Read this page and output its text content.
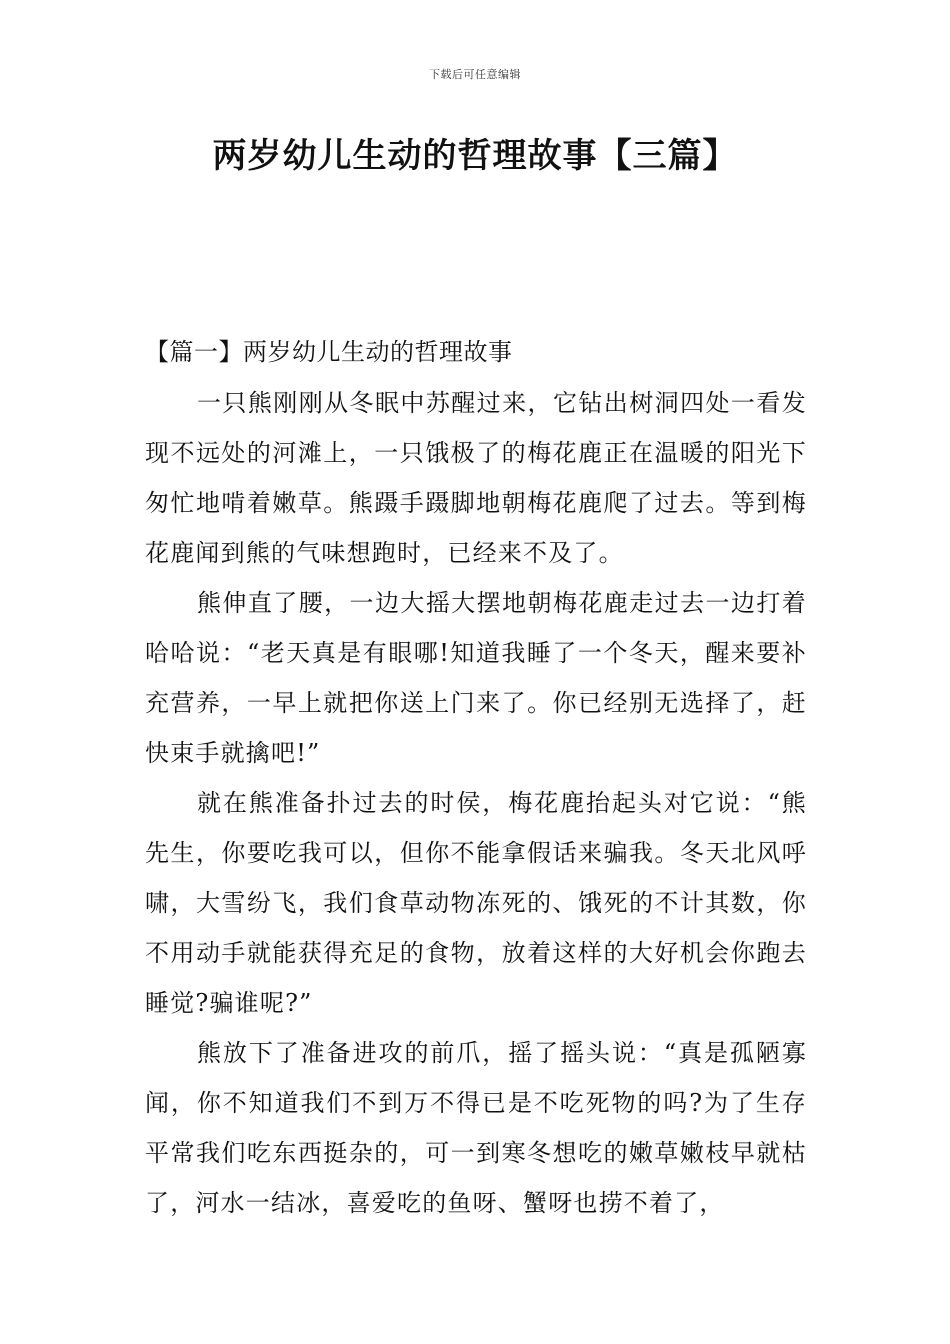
下载后可任意编辑
两岁幼儿生动的哲理故事【三篇】
【篇一】两岁幼儿生动的哲理故事

一只熊刚刚从冬眠中苏醒过来，它钻出树洞四处一看发现不远处的河滩上，一只饿极了的梅花鹿正在温暖的阳光下匆忙地啃着嫩草。熊蹑手蹑脚地朝梅花鹿爬了过去。等到梅花鹿闻到熊的气味想跑时，已经来不及了。

熊伸直了腰，一边大摇大摆地朝梅花鹿走过去一边打着哈哈说：“老天真是有眼哪!知道我睡了一个冬天，醒来要补充营养，一早上就把你送上门来了。你已经别无选择了，赶快束手就擒吧!”

就在熊准备扑过去的时侯，梅花鹿抬起头对它说：“熊先生，你要吃我可以，但你不能拿假话来骗我。冬天北风呼啸，大雪纷飞，我们食草动物冻死的、饿死的不计其数，你不用动手就能获得充足的食物，放着这样的大好机会你跑去睡觉?骗谁呢?”

熊放下了准备进攻的前爪，摇了摇头说：“真是孤陋寡闻，你不知道我们不到万不得已是不吃死物的吗?为了生存平常我们吃东西挺杂的，可一到寒冬想吃的嫩草嫩枝早就枯了，河水一结冰，喜爱吃的鱼呀、蟹呀也捞不着了，
